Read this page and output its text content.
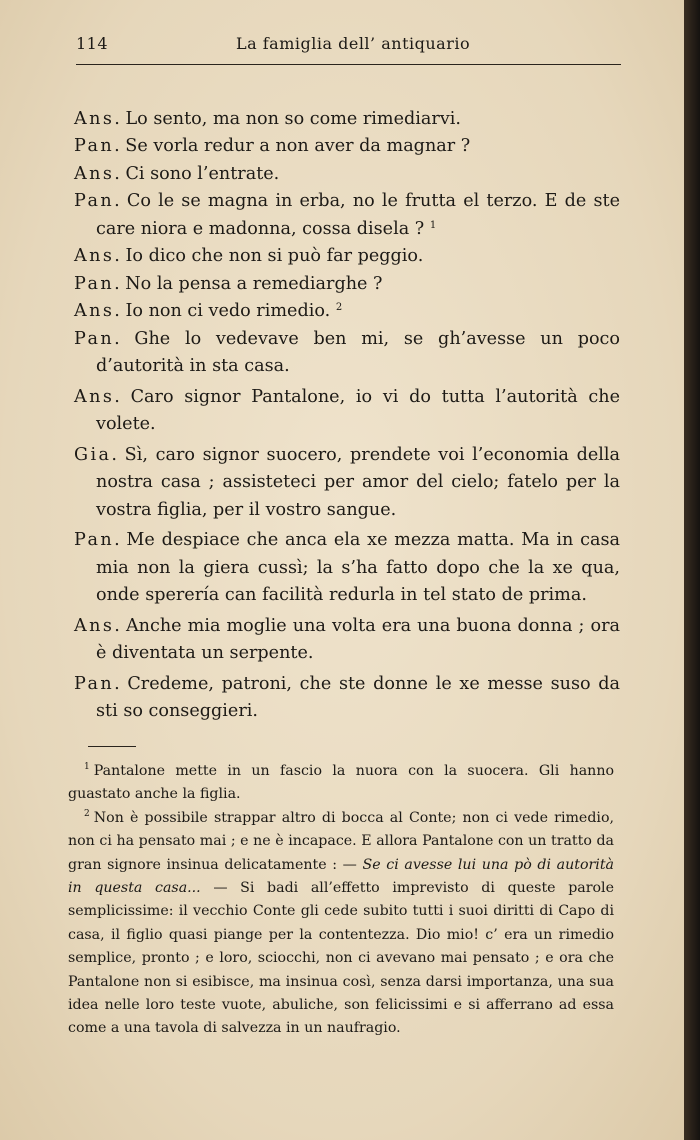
114	La famiglia dell’ antiquario

Ans. Lo sento, ma non so come rimediarvi.

Pan. Se vorla redur a non aver da magnar ?

Ans. Ci sono l’entrate.

Pan. Co le se magna in erba, no le frutta el terzo. E de ste care niora e madonna, cossa disela ? $^1$

Ans. Io dico che non si può far peggio.

Pan. No la pensa a remediarghe ?

Ans. Io non ci vedo rimedio. $^2$

Pan. Ghe lo vedevave ben mi, se gh’avesse un poco d’autorità in sta casa.

Ans. Caro signor Pantalone, io vi do tutta l’autorità che volete.

Gia. Sì, caro signor suocero, prendete voi l’economia della nostra casa ; assisteteci per amor del cielo; fatelo per la vostra figlia, per il vostro sangue.

Pan. Me despiace che anca ela xe mezza matta. Ma in casa mia non la giera cussì; la s’ha fatto dopo che la xe qua, onde sperería can facilità redurla in tel stato de prima.

Ans. Anche mia moglie una volta era una buona donna ; ora è diventata un serpente.

Pan. Credeme, patroni, che ste donne le xe messe suso da sti so conseggieri.

$^1$ Pantalone mette in un fascio la nuora con la suocera. Gli hanno guastato anche la figlia.

$^2$ Non è possibile strappar altro di bocca al Conte; non ci vede rimedio, non ci ha pensato mai ; e ne è incapace. E allora Pantalone con un tratto da gran signore insinua delicatamente : — Se ci avesse lui una pò di autorità in questa casa... — Si badi all’effetto imprevisto di queste parole semplicissime: il vecchio Conte gli cede subito tutti i suoi diritti di Capo di casa, il figlio quasi piange per la contentezza. Dio mio! c’ era un rimedio semplice, pronto ; e loro, sciocchi, non ci avevano mai pensato ; e ora che Pantalone non si esibisce, ma insinua così, senza darsi importanza, una sua idea nelle loro teste vuote, abuliche, son felicissimi e si afferrano ad essa come a una tavola di salvezza in un naufragio.
